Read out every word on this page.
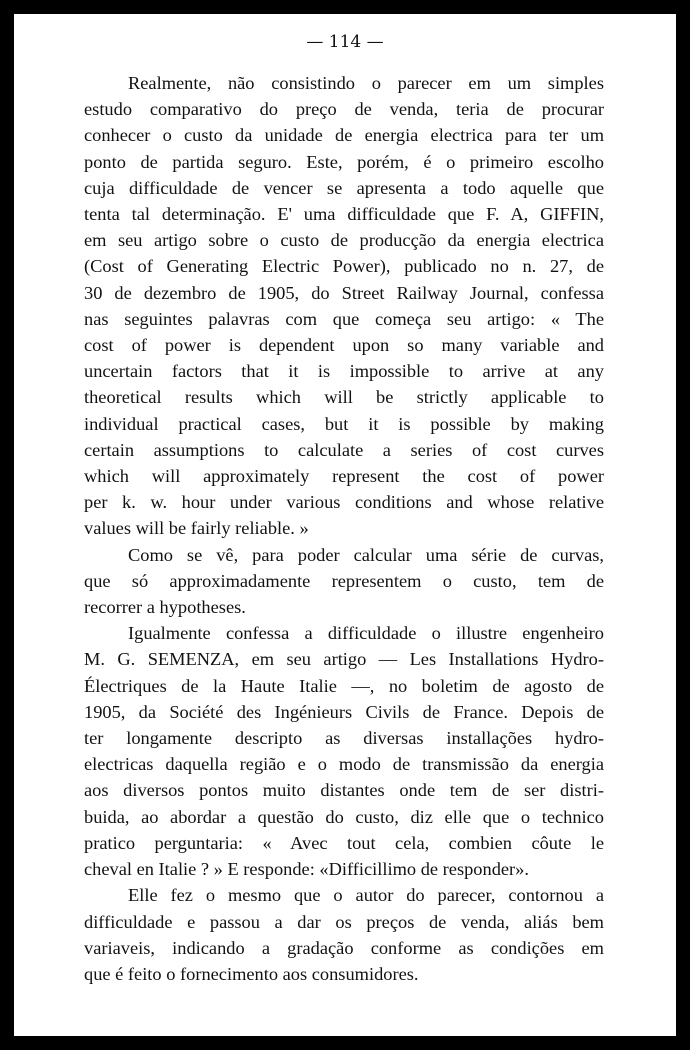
— 114 —
Realmente, não consistindo o parecer em um simples
estudo comparativo do preço de venda, teria de procurar
conhecer o custo da unidade de energia electrica para ter um
ponto de partida seguro. Este, porém, é o primeiro escolho
cuja difficuldade de vencer se apresenta a todo aquelle que
tenta tal determinação. E' uma difficuldade que F. A, GIFFIN,
em seu artigo sobre o custo de producção da energia electrica
(Cost of Generating Electric Power), publicado no n. 27, de
30 de dezembro de 1905, do Street Railway Journal, confessa
nas seguintes palavras com que começa seu artigo: « The
cost of power is dependent upon so many variable and
uncertain factors that it is impossible to arrive at any
theoretical results which will be strictly applicable to
individual practical cases, but it is possible by making
certain assumptions to calculate a series of cost curves
which will approximately represent the cost of power
per k. w. hour under various conditions and whose relative
values will be fairly reliable. »
Como se vê, para poder calcular uma série de curvas,
que só approximadamente representem o custo, tem de
recorrer a hypotheses.
Igualmente confessa a difficuldade o illustre engenheiro
M. G. SEMENZA, em seu artigo — Les Installations Hydro-
Électriques de la Haute Italie —, no boletim de agosto de
1905, da Société des Ingénieurs Civils de France. Depois de
ter longamente descripto as diversas installações hydro-
electricas daquella região e o modo de transmissão da energia
aos diversos pontos muito distantes onde tem de ser distri-
buida, ao abordar a questão do custo, diz elle que o technico
pratico perguntaria: « Avec tout cela, combien côute le
cheval en Italie ? » E responde: «Difficillimo de responder».
Elle fez o mesmo que o autor do parecer, contornou a
difficuldade e passou a dar os preços de venda, aliás bem
variaveis, indicando a gradação conforme as condições em
que é feito o fornecimento aos consumidores.
